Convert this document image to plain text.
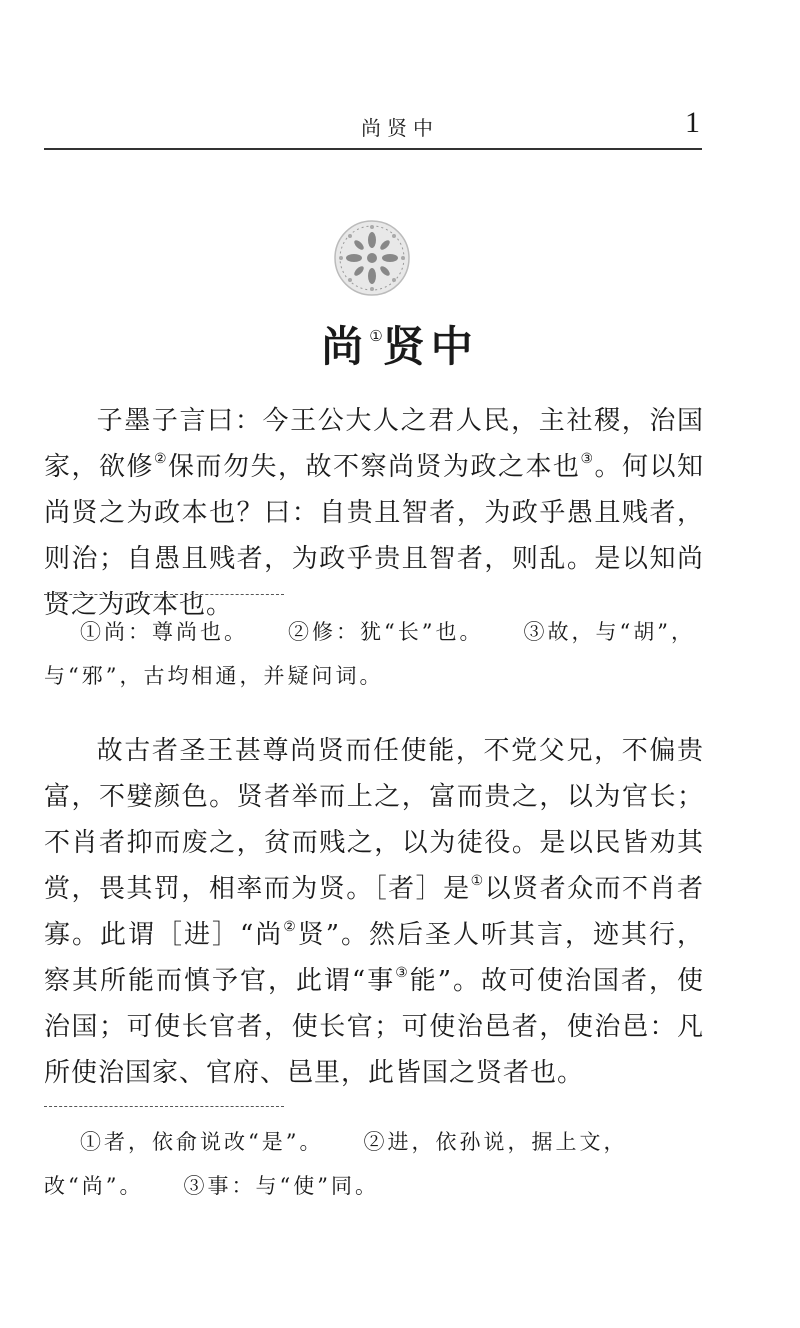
尚贤中	1
尚①贤中

子墨子言曰：今王公大人之君人民，主社稷，治国家，欲修②保而勿失，故不察尚贤为政之本也③。何以知尚贤之为政本也？曰：自贵且智者，为政乎愚且贱者，则治；自愚且贱者，为政乎贵且智者，则乱。是以知尚贤之为政本也。

①尚：尊尚也。 ②修：犹“长”也。 ③故，与“胡”，与“邪”，古均相通，并疑问词。

故古者圣王甚尊尚贤而任使能，不党父兄，不偏贵富，不嬖颜色。贤者举而上之，富而贵之，以为官长；不肖者抑而废之，贫而贱之，以为徒役。是以民皆劝其赏，畏其罚，相率而为贤。［者］是①以贤者众而不肖者寡。此谓［进］“尚②贤”。然后圣人听其言，迹其行，察其所能而慎予官，此谓“事③能”。故可使治国者，使治国；可使长官者，使长官；可使治邑者，使治邑：凡所使治国家、官府、邑里，此皆国之贤者也。

①者，依俞说改“是”。 ②进，依孙说，据上文，改“尚”。 ③事：与“使”同。
